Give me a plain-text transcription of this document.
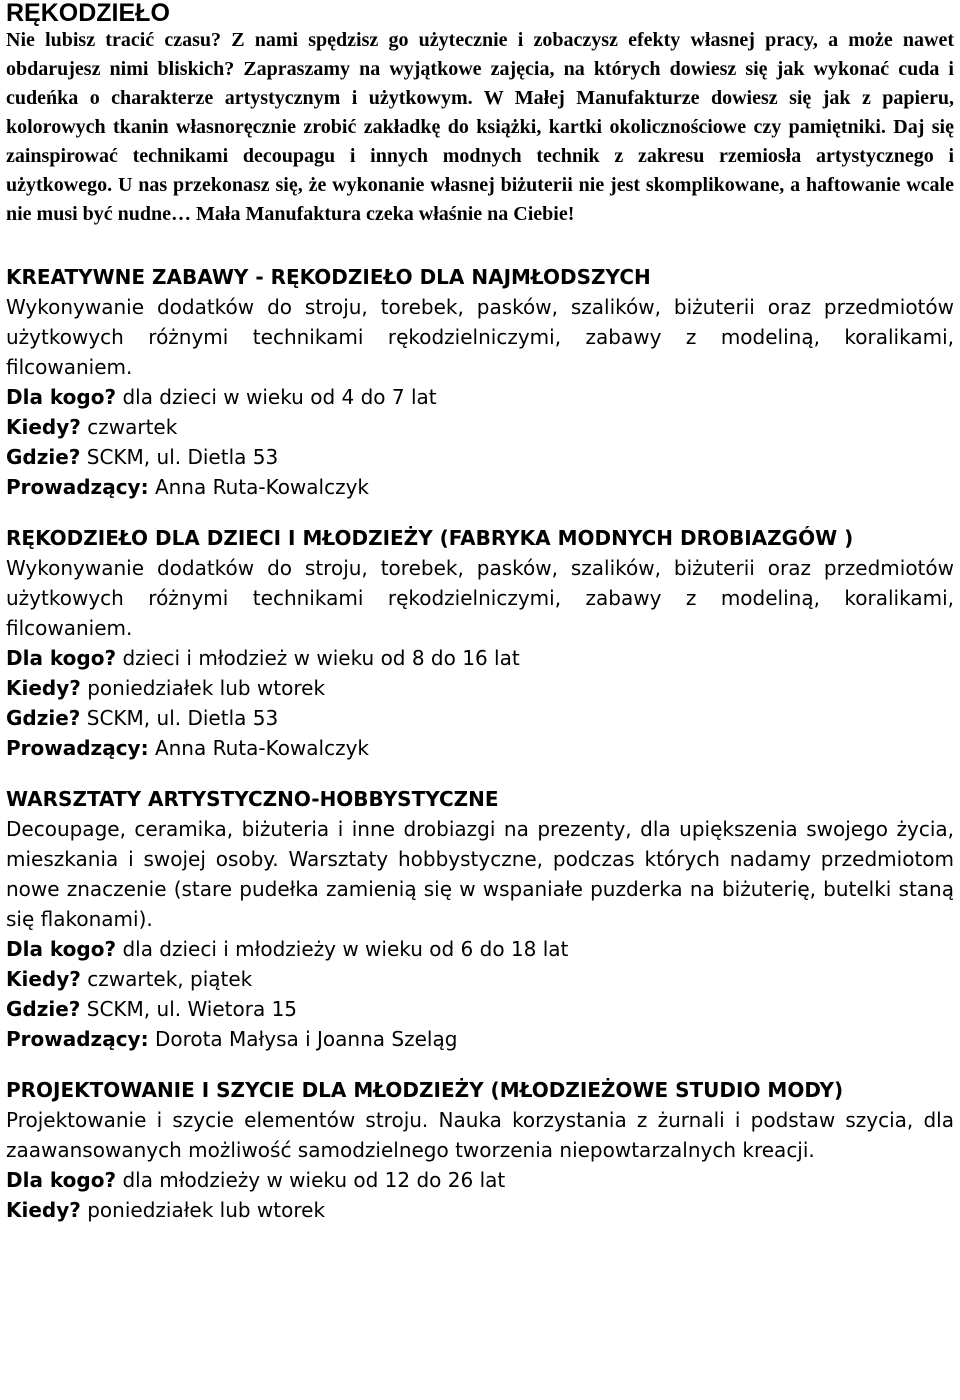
RĘKODZIEŁO

Nie lubisz tracić czasu? Z nami spędzisz go użytecznie i zobaczysz efekty własnej pracy, a może nawet obdarujesz nimi bliskich? Zapraszamy na wyjątkowe zajęcia, na których dowiesz się jak wykonać cuda i cudeńka o charakterze artystycznym i użytkowym. W Małej Manufakturze dowiesz się jak z papieru, kolorowych tkanin własnoręcznie zrobić zakładkę do książki, kartki okolicznościowe czy pamiętniki. Daj się zainspirować technikami decoupagu i innych modnych technik z zakresu rzemiosła artystycznego i użytkowego. U nas przekonasz się, że wykonanie własnej biżuterii nie jest skomplikowane, a haftowanie wcale nie musi być nudne… Mała Manufaktura czeka właśnie na Ciebie!

KREATYWNE ZABAWY - RĘKODZIEŁO DLA NAJMŁODSZYCH

Wykonywanie dodatków do stroju, torebek, pasków, szalików, biżuterii oraz przedmiotów użytkowych różnymi technikami rękodzielniczymi, zabawy z modeliną, koralikami, filcowaniem.

Dla kogo? dla dzieci w wieku od 4 do 7 lat

Kiedy? czwartek

Gdzie? SCKM, ul. Dietla 53

Prowadzący: Anna Ruta-Kowalczyk

RĘKODZIEŁO DLA DZIECI I MŁODZIEŻY (FABRYKA MODNYCH DROBIAZGÓW )

Wykonywanie dodatków do stroju, torebek, pasków, szalików, biżuterii oraz przedmiotów użytkowych różnymi technikami rękodzielniczymi, zabawy z modeliną, koralikami, filcowaniem.

Dla kogo? dzieci i młodzież w wieku od 8 do 16 lat

Kiedy? poniedziałek lub wtorek

Gdzie? SCKM, ul. Dietla 53

Prowadzący: Anna Ruta-Kowalczyk

WARSZTATY ARTYSTYCZNO-HOBBYSTYCZNE

Decoupage, ceramika, biżuteria i inne drobiazgi na prezenty, dla upiększenia swojego życia, mieszkania i swojej osoby. Warsztaty hobbystyczne, podczas których nadamy przedmiotom nowe znaczenie (stare pudełka zamienią się w wspaniałe puzderka na biżuterię, butelki staną się flakonami).

Dla kogo? dla dzieci i młodzieży w wieku od 6 do 18 lat

Kiedy? czwartek, piątek

Gdzie? SCKM, ul. Wietora 15

Prowadzący: Dorota Małysa i Joanna Szeląg

PROJEKTOWANIE I SZYCIE DLA MŁODZIEŻY (MŁODZIEŻOWE STUDIO MODY)

Projektowanie i szycie elementów stroju. Nauka korzystania z żurnali i podstaw szycia, dla zaawansowanych możliwość samodzielnego tworzenia niepowtarzalnych kreacji.

Dla kogo? dla młodzieży w wieku od 12 do 26 lat

Kiedy? poniedziałek lub wtorek
